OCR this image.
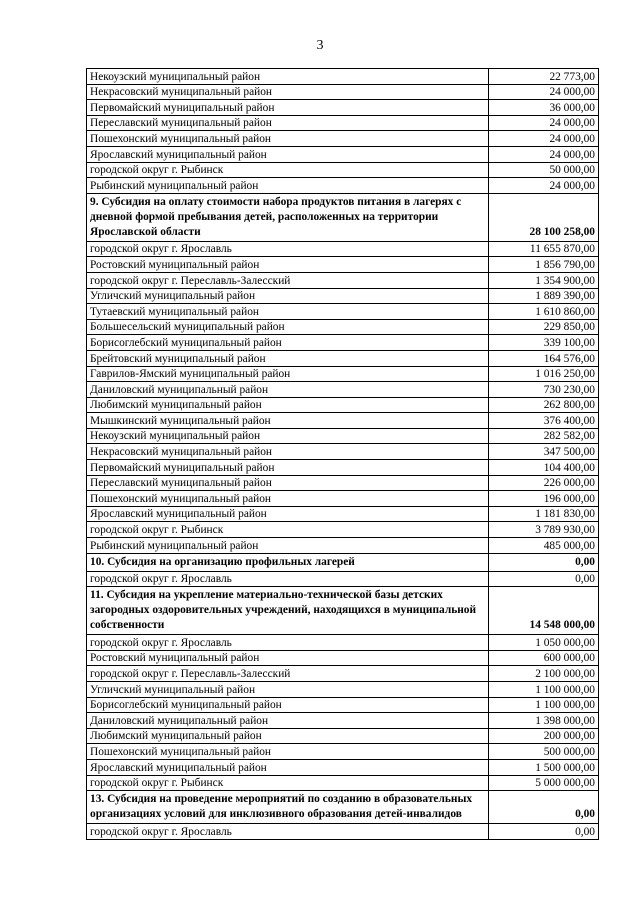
3
Некоузский муниципальный район	22 773,00
Некрасовский муниципальный район	24 000,00
Первомайский муниципальный район	36 000,00
Переславский муниципальный район	24 000,00
Пошехонский муниципальный район	24 000,00
Ярославский муниципальный район	24 000,00
городской округ г. Рыбинск	50 000,00
Рыбинский муниципальный район	24 000,00
9. Субсидия на оплату стоимости набора продуктов питания в лагерях с дневной формой пребывания детей, расположенных на территории Ярославской области	28 100 258,00
городской округ г. Ярославль	11 655 870,00
Ростовский муниципальный район	1 856 790,00
городской округ г. Переславль-Залесский	1 354 900,00
Угличский муниципальный район	1 889 390,00
Тутаевский муниципальный район	1 610 860,00
Большесельский муниципальный район	229 850,00
Борисоглебский муниципальный район	339 100,00
Брейтовский муниципальный район	164 576,00
Гаврилов-Ямский муниципальный район	1 016 250,00
Даниловский муниципальный район	730 230,00
Любимский муниципальный район	262 800,00
Мышкинский муниципальный район	376 400,00
Некоузский муниципальный район	282 582,00
Некрасовский муниципальный район	347 500,00
Первомайский муниципальный район	104 400,00
Переславский муниципальный район	226 000,00
Пошехонский муниципальный район	196 000,00
Ярославский муниципальный район	1 181 830,00
городской округ г. Рыбинск	3 789 930,00
Рыбинский муниципальный район	485 000,00
10. Субсидия на организацию профильных лагерей	0,00
городской округ г. Ярославль	0,00
11. Субсидия на укрепление материально-технической базы детских загородных оздоровительных учреждений, находящихся в муниципальной собственности	14 548 000,00
городской округ г. Ярославль	1 050 000,00
Ростовский муниципальный район	600 000,00
городской округ г. Переславль-Залесский	2 100 000,00
Угличский муниципальный район	1 100 000,00
Борисоглебский муниципальный район	1 100 000,00
Даниловский муниципальный район	1 398 000,00
Любимский муниципальный район	200 000,00
Пошехонский муниципальный район	500 000,00
Ярославский муниципальный район	1 500 000,00
городской округ г. Рыбинск	5 000 000,00
13. Субсидия на проведение мероприятий по созданию в образовательных организациях условий для инклюзивного образования детей-инвалидов	0,00
городской округ г. Ярославль	0,00
